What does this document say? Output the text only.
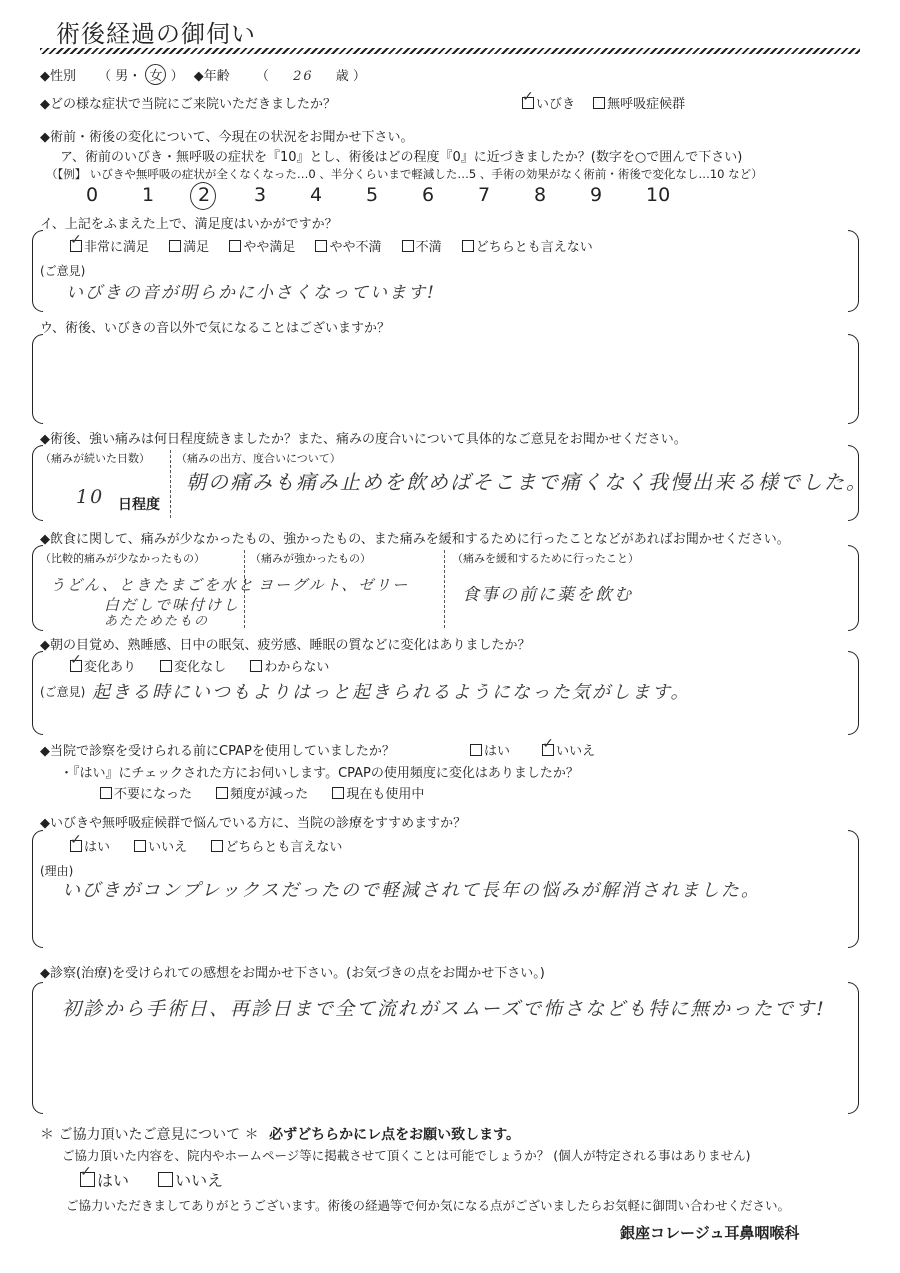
術後経過の御伺い
◆性別 （ 男・ 女 ） ◆年齢 （ 26 歳 ）
◆どの様な症状で当院にご来院いただきましたか？ ✓	いびき 無呼吸症候群
◆術前・術後の変化について、今現在の状況をお聞かせ下さい。
ア、術前のいびき・無呼吸の症状を『10』とし、術後はどの程度『0』に近づきましたか？(数字を○で囲んで下さい)
（【例】 いびきや無呼吸の症状が全くなくなった…0 、半分くらいまで軽減した…5 、手術の効果がなく術前・術後で変化なし…10 など）
0 1 2 3 4 5 6 7 8 9 10
イ、上記をふまえた上で、満足度はいかがですか？
✓非常に満足	満足	やや満足	やや不満	不満	どちらとも言えない
(ご意見)
いびきの音が明らかに小さくなっています!
ウ、術後、いびきの音以外で気になることはございますか？
◆術後、強い痛みは何日程度続きましたか？また、痛みの度合いについて具体的なご意見をお聞かせください。
（痛みが続いた日数）
10 日程度
（痛みの出方、度合いについて）
朝の痛みも痛み止めを飲めばそこまで痛くなく我慢出来る様でした。
◆飲食に関して、痛みが少なかったもの、強かったもの、また痛みを緩和するために行ったことなどがあればお聞かせください。
（比較的痛みが少なかったもの）
うどん、ときたまごを水と
白だしで味付けし
あたためたもの
（痛みが強かったもの）
ヨーグルト、ゼリー
（痛みを緩和するために行ったこと）
食事の前に薬を飲む
◆朝の目覚め、熟睡感、日中の眠気、疲労感、睡眠の質などに変化はありましたか？
✓変化あり	変化なし	わからない
(ご意見) 起きる時にいつもよりはっと起きられるようになった気がします。
◆当院で診察を受けられる前にCPAPを使用していましたか？	はい ✓	いいえ
・『はい』にチェックされた方にお伺いします。CPAPの使用頻度に変化はありましたか？
不要になった	頻度が減った	現在も使用中
◆いびきや無呼吸症候群で悩んでいる方に、当院の診療をすすめますか？
✓はい	いいえ	どちらとも言えない
(理由)
いびきがコンプレックスだったので軽減されて長年の悩みが解消されました。
◆診察(治療)を受けられての感想をお聞かせ下さい。(お気づきの点をお聞かせ下さい。)
初診から手術日、再診日まで全て流れがスムーズで怖さなども特に無かったです!
＊ ご協力頂いたご意見について ＊ 必ずどちらかにレ点をお願い致します。
ご協力頂いた内容を、院内やホームページ等に掲載させて頂くことは可能でしょうか？ (個人が特定される事はありません)
✓はい	いいえ
ご協力いただきましてありがとうございます。術後の経過等で何か気になる点がございましたらお気軽に御問い合わせください。
銀座コレージュ耳鼻咽喉科
